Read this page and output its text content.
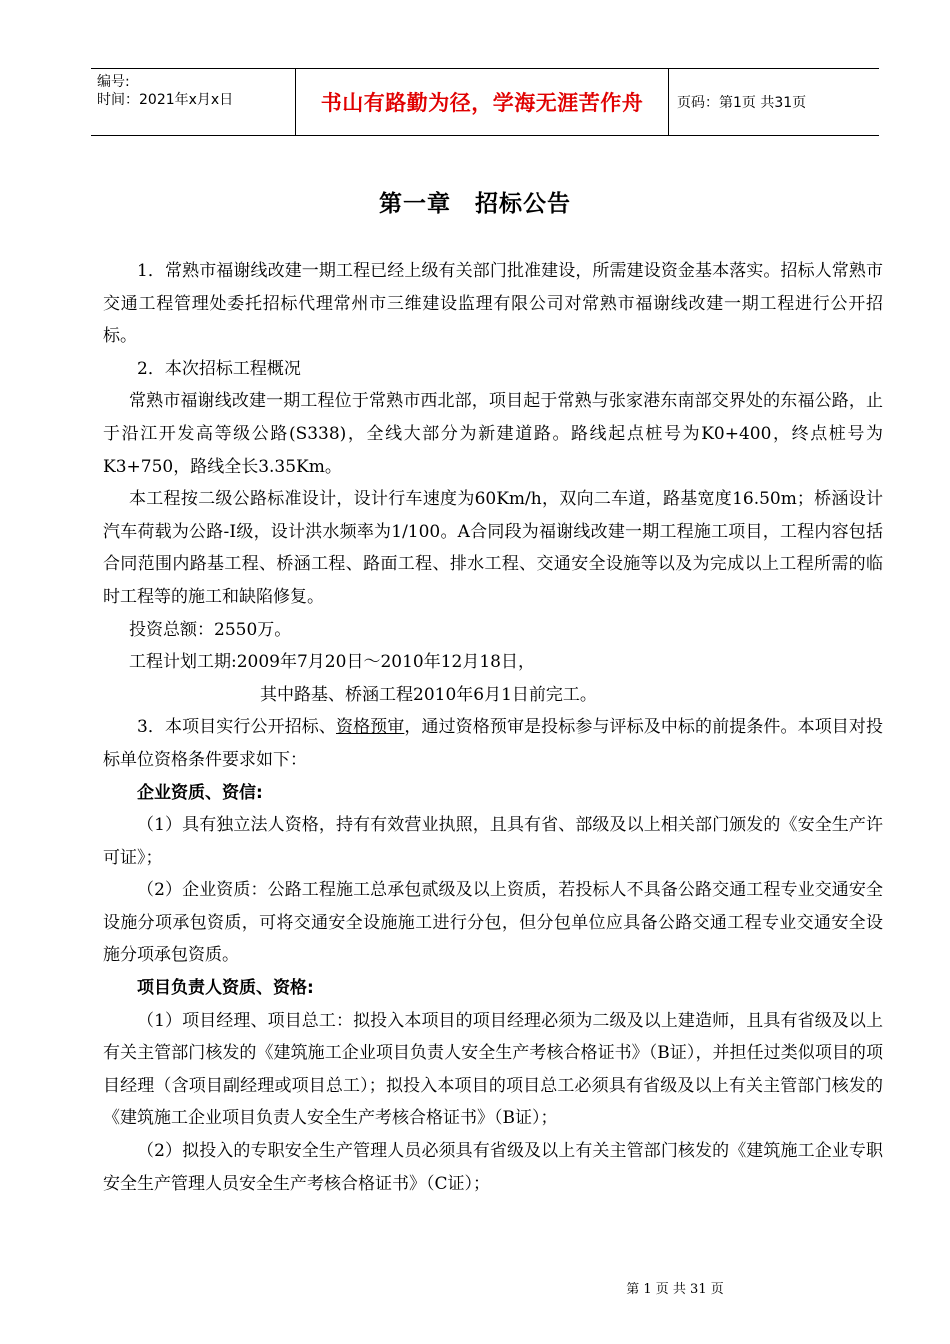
编号:
时间：2021年x月x日	书山有路勤为径，学海无涯苦作舟	页码：第1页 共31页
第一章　招标公告

1．常熟市福谢线改建一期工程已经上级有关部门批准建设，所需建设资金基本落实。招标人常熟市交通工程管理处委托招标代理常州市三维建设监理有限公司对常熟市福谢线改建一期工程进行公开招标。

2．本次招标工程概况

常熟市福谢线改建一期工程位于常熟市西北部，项目起于常熟与张家港东南部交界处的东福公路，止于沿江开发高等级公路(S338)，全线大部分为新建道路。路线起点桩号为K0+400，终点桩号为K3+750，路线全长3.35Km。

本工程按二级公路标准设计，设计行车速度为60Km/h，双向二车道，路基宽度16.50m；桥涵设计汽车荷载为公路-Ⅰ级，设计洪水频率为1/100。A合同段为福谢线改建一期工程施工项目，工程内容包括合同范围内路基工程、桥涵工程、路面工程、排水工程、交通安全设施等以及为完成以上工程所需的临时工程等的施工和缺陷修复。

投资总额：2550万。

工程计划工期:2009年7月20日～2010年12月18日，

其中路基、桥涵工程2010年6月1日前完工。

3．本项目实行公开招标、资格预审，通过资格预审是投标参与评标及中标的前提条件。本项目对投标单位资格条件要求如下：

企业资质、资信:

（1）具有独立法人资格，持有有效营业执照，且具有省、部级及以上相关部门颁发的《安全生产许可证》；

（2）企业资质：公路工程施工总承包贰级及以上资质，若投标人不具备公路交通工程专业交通安全设施分项承包资质，可将交通安全设施施工进行分包，但分包单位应具备公路交通工程专业交通安全设施分项承包资质。

项目负责人资质、资格:

（1）项目经理、项目总工：拟投入本项目的项目经理必须为二级及以上建造师，且具有省级及以上有关主管部门核发的《建筑施工企业项目负责人安全生产考核合格证书》（B证），并担任过类似项目的项目经理（含项目副经理或项目总工）；拟投入本项目的项目总工必须具有省级及以上有关主管部门核发的《建筑施工企业项目负责人安全生产考核合格证书》（B证）；

（2）拟投入的专职安全生产管理人员必须具有省级及以上有关主管部门核发的《建筑施工企业专职安全生产管理人员安全生产考核合格证书》（C证）；

第 1 页 共 31 页
